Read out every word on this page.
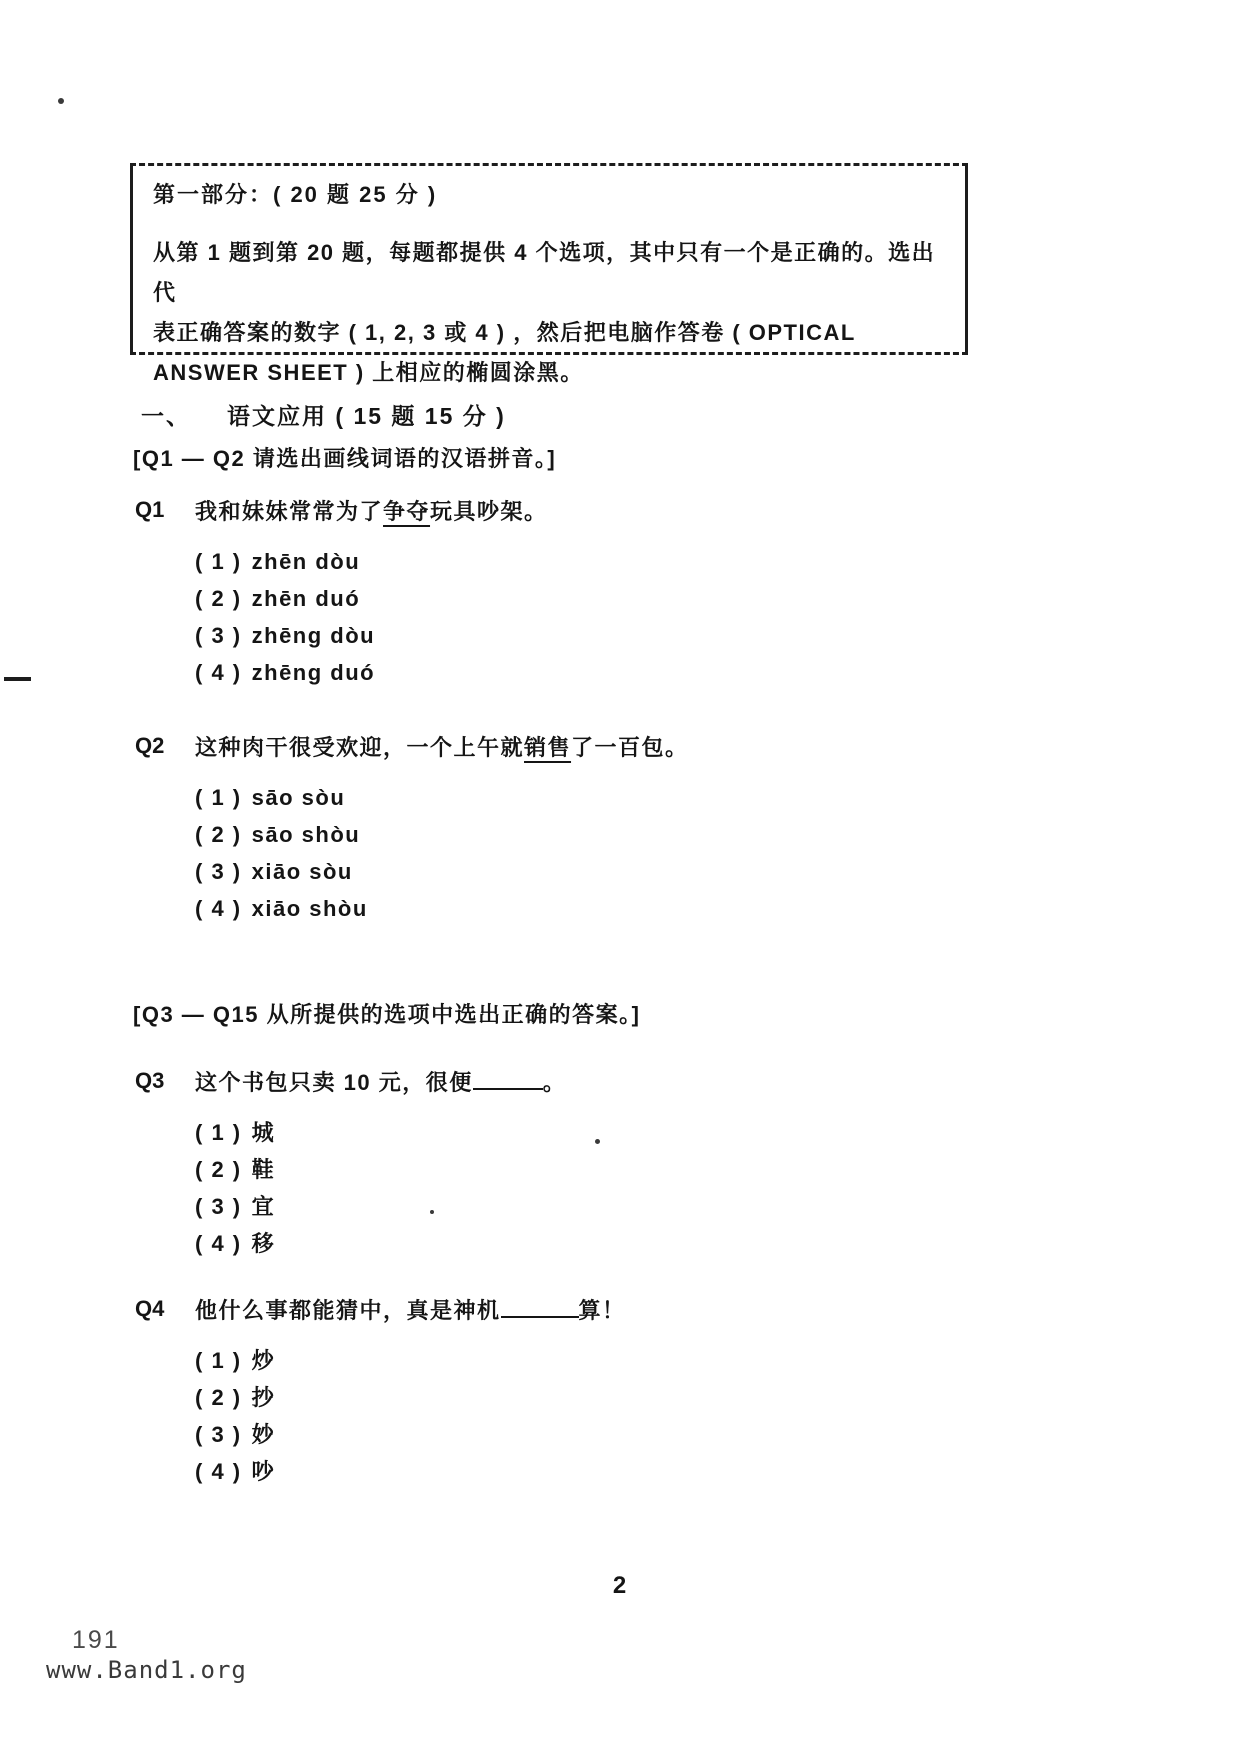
第一部分：( 20 题 25 分 )
从第 1 题到第 20 题，每题都提供 4 个选项，其中只有一个是正确的。选出代
表正确答案的数字 ( 1, 2, 3 或 4 ) ，然后把电脑作答卷 ( OPTICAL
ANSWER SHEET ) 上相应的椭圆涂黑。
一、 语文应用 ( 15 题 15 分 )
[Q1 — Q2 请选出画线词语的汉语拼音。]
Q1 我和妹妹常常为了争夺玩具吵架。
( 1 ) zhēn dòu
( 2 ) zhēn duó
( 3 ) zhēng dòu
( 4 ) zhēng duó
Q2 这种肉干很受欢迎，一个上午就销售了一百包。
( 1 ) sāo sòu
( 2 ) sāo shòu
( 3 ) xiāo sòu
( 4 ) xiāo shòu
[Q3 — Q15 从所提供的选项中选出正确的答案。]
Q3 这个书包只卖 10 元，很便	。
( 1 ) 城
( 2 ) 鞋
( 3 ) 宜
( 4 ) 移
Q4 他什么事都能猜中，真是神机	算！
( 1 ) 炒
( 2 ) 抄
( 3 ) 妙
( 4 ) 吵
2
191
www.Band1.org
